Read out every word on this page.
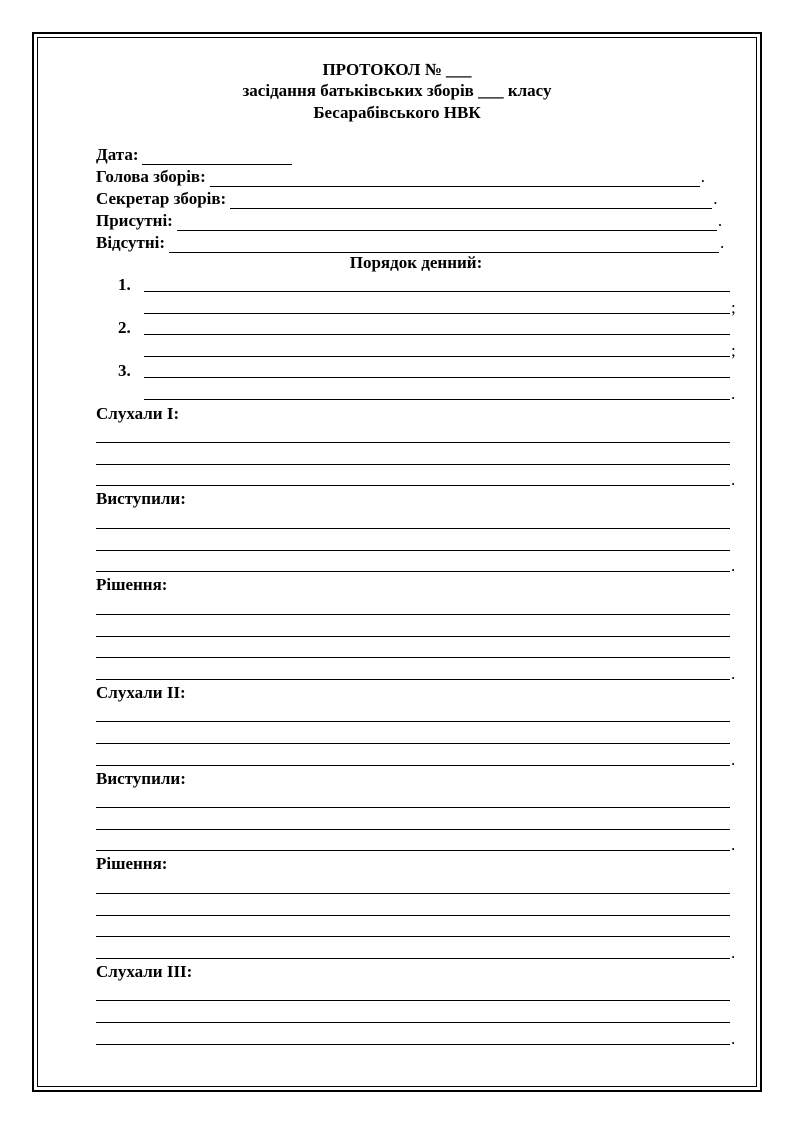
ПРОТОКОЛ № ___
засідання батьківських зборів ___ класу
Бесарабівського НВК
Дата:
Голова зборів:	.
Секретар зборів:	.
Присутні:	.
Відсутні:	.
Порядок денний:
1.
;
2.
;
3.
.
Слухали І:
.
Виступили:
.
Рішення:
.
Слухали ІІ:
.
Виступили:
.
Рішення:
.
Слухали ІІІ:
.
